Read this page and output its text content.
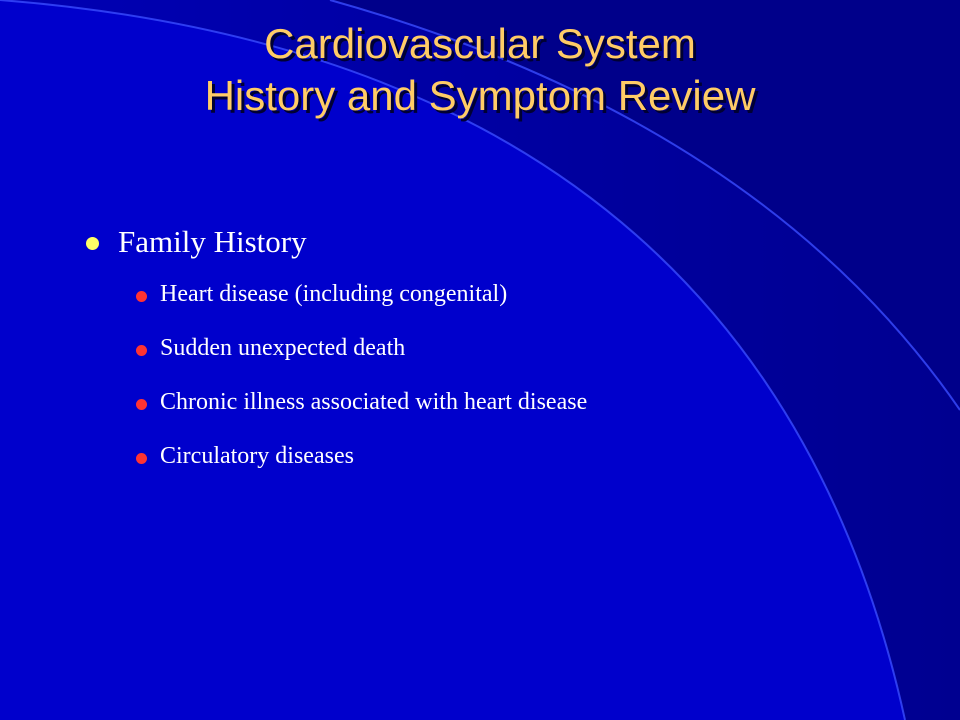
Cardiovascular System
History and Symptom Review
Family History
Heart disease (including congenital)
Sudden unexpected death
Chronic illness associated with heart disease
Circulatory diseases
